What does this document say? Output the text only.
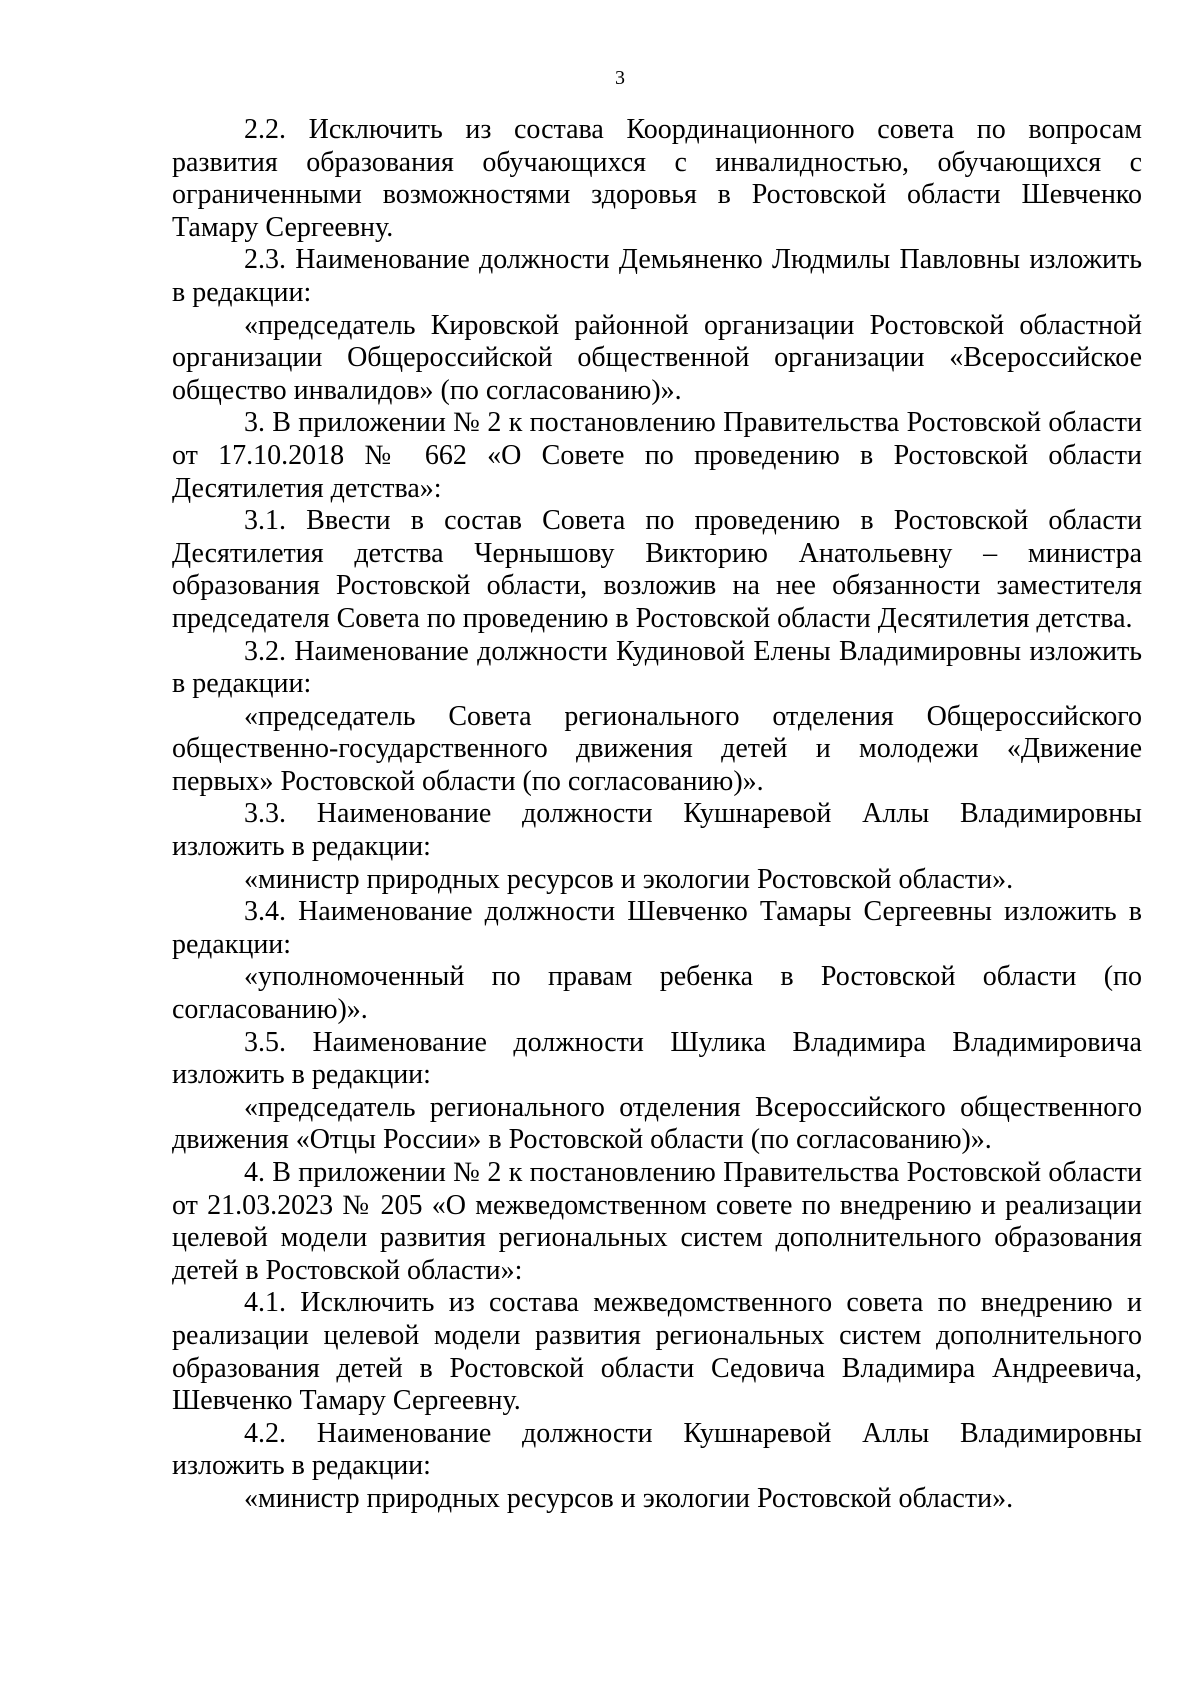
3

2.2. Исключить из состава Координационного совета по вопросам развития образования обучающихся с инвалидностью, обучающихся с ограниченными возможностями здоровья в Ростовской области Шевченко Тамару Сергеевну.

2.3. Наименование должности Демьяненко Людмилы Павловны изложить в редакции:

«председатель Кировской районной организации Ростовской областной организации Общероссийской общественной организации «Всероссийское общество инвалидов» (по согласованию)».

3. В приложении № 2 к постановлению Правительства Ростовской области от 17.10.2018 № 662 «О Совете по проведению в Ростовской области Десятилетия детства»:

3.1. Ввести в состав Совета по проведению в Ростовской области Десятилетия детства Чернышову Викторию Анатольевну – министра образования Ростовской области, возложив на нее обязанности заместителя председателя Совета по проведению в Ростовской области Десятилетия детства.

3.2. Наименование должности Кудиновой Елены Владимировны изложить в редакции:

«председатель Совета регионального отделения Общероссийского общественно-государственного движения детей и молодежи «Движение первых» Ростовской области (по согласованию)».

3.3. Наименование должности Кушнаревой Аллы Владимировны изложить в редакции:

«министр природных ресурсов и экологии Ростовской области».

3.4. Наименование должности Шевченко Тамары Сергеевны изложить в редакции:

«уполномоченный по правам ребенка в Ростовской области (по согласованию)».

3.5. Наименование должности Шулика Владимира Владимировича изложить в редакции:

«председатель регионального отделения Всероссийского общественного движения «Отцы России» в Ростовской области (по согласованию)».

4. В приложении № 2 к постановлению Правительства Ростовской области от 21.03.2023 № 205 «О межведомственном совете по внедрению и реализации целевой модели развития региональных систем дополнительного образования детей в Ростовской области»:

4.1. Исключить из состава межведомственного совета по внедрению и реализации целевой модели развития региональных систем дополнительного образования детей в Ростовской области Седовича Владимира Андреевича, Шевченко Тамару Сергеевну.

4.2. Наименование должности Кушнаревой Аллы Владимировны изложить в редакции:

«министр природных ресурсов и экологии Ростовской области».
